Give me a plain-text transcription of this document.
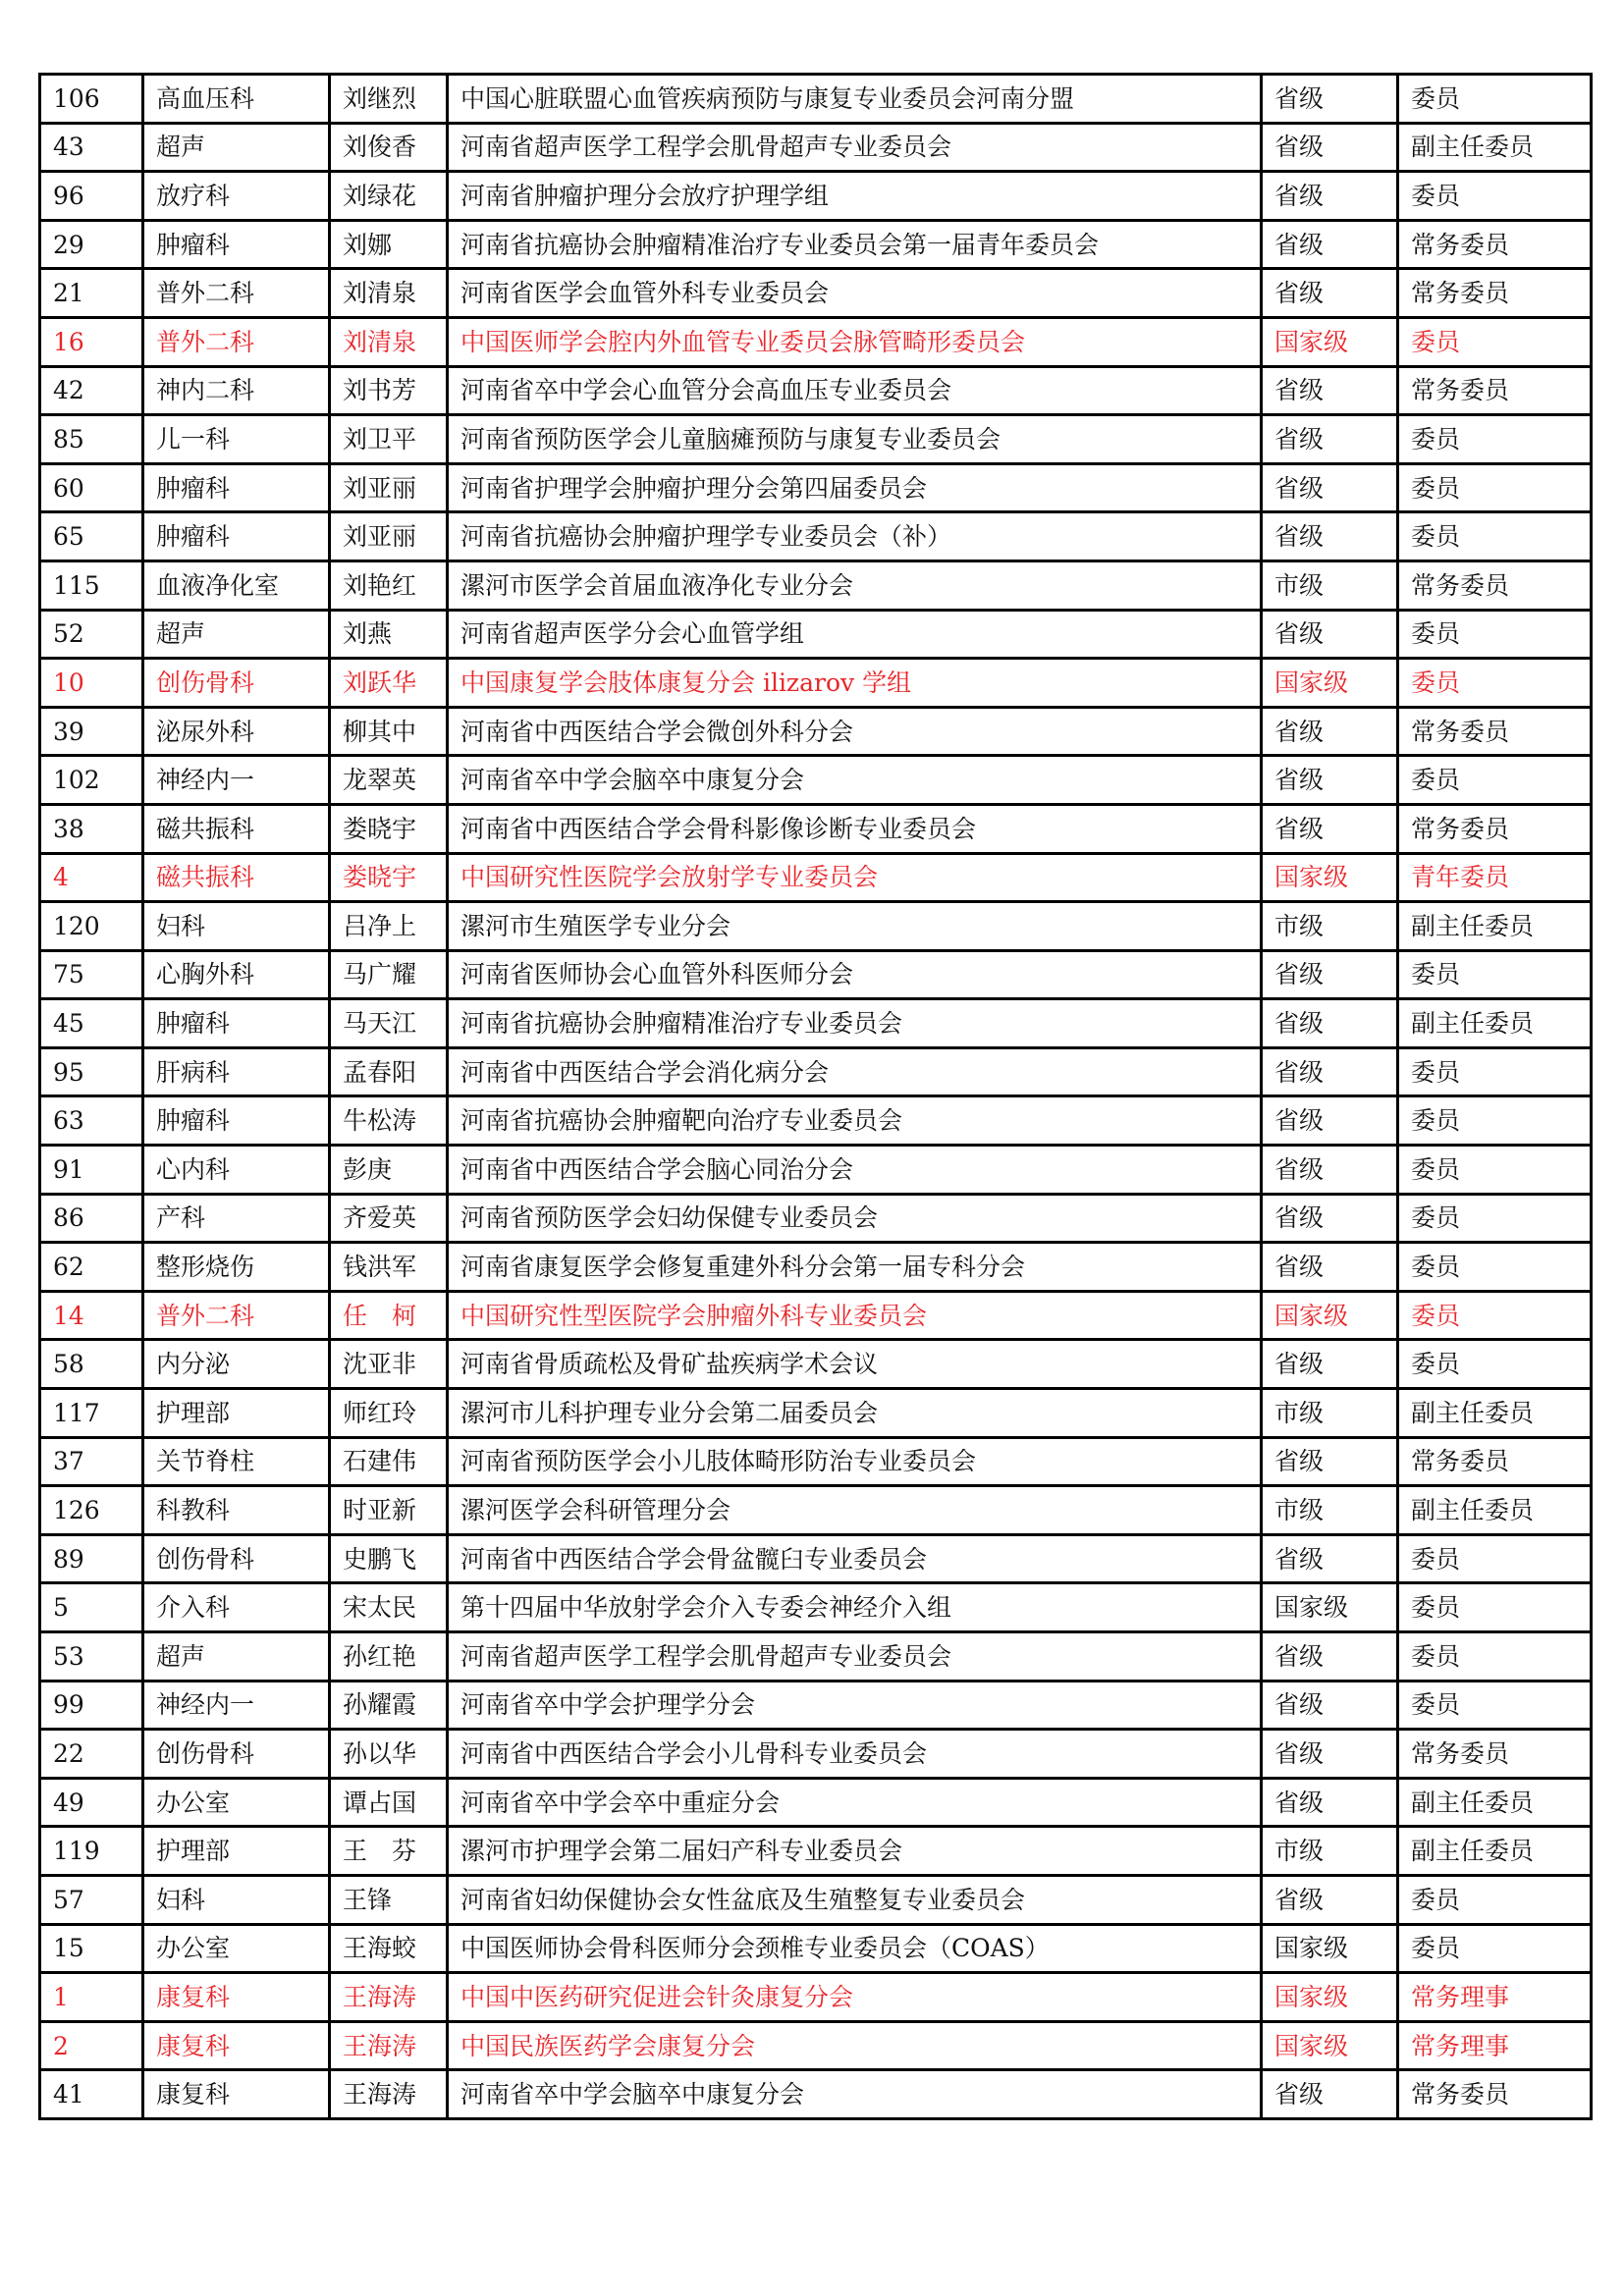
106	高血压科	刘继烈	中国心脏联盟心血管疾病预防与康复专业委员会河南分盟	省级	委员
43	超声	刘俊香	河南省超声医学工程学会肌骨超声专业委员会	省级	副主任委员
96	放疗科	刘绿花	河南省肿瘤护理分会放疗护理学组	省级	委员
29	肿瘤科	刘娜	河南省抗癌协会肿瘤精准治疗专业委员会第一届青年委员会	省级	常务委员
21	普外二科	刘清泉	河南省医学会血管外科专业委员会	省级	常务委员
16	普外二科	刘清泉	中国医师学会腔内外血管专业委员会脉管畸形委员会	国家级	委员
42	神内二科	刘书芳	河南省卒中学会心血管分会高血压专业委员会	省级	常务委员
85	儿一科	刘卫平	河南省预防医学会儿童脑瘫预防与康复专业委员会	省级	委员
60	肿瘤科	刘亚丽	河南省护理学会肿瘤护理分会第四届委员会	省级	委员
65	肿瘤科	刘亚丽	河南省抗癌协会肿瘤护理学专业委员会（补）	省级	委员
115	血液净化室	刘艳红	漯河市医学会首届血液净化专业分会	市级	常务委员
52	超声	刘燕	河南省超声医学分会心血管学组	省级	委员
10	创伤骨科	刘跃华	中国康复学会肢体康复分会 ilizarov 学组	国家级	委员
39	泌尿外科	柳其中	河南省中西医结合学会微创外科分会	省级	常务委员
102	神经内一	龙翠英	河南省卒中学会脑卒中康复分会	省级	委员
38	磁共振科	娄晓宇	河南省中西医结合学会骨科影像诊断专业委员会	省级	常务委员
4	磁共振科	娄晓宇	中国研究性医院学会放射学专业委员会	国家级	青年委员
120	妇科	吕净上	漯河市生殖医学专业分会	市级	副主任委员
75	心胸外科	马广耀	河南省医师协会心血管外科医师分会	省级	委员
45	肿瘤科	马天江	河南省抗癌协会肿瘤精准治疗专业委员会	省级	副主任委员
95	肝病科	孟春阳	河南省中西医结合学会消化病分会	省级	委员
63	肿瘤科	牛松涛	河南省抗癌协会肿瘤靶向治疗专业委员会	省级	委员
91	心内科	彭庚	河南省中西医结合学会脑心同治分会	省级	委员
86	产科	齐爱英	河南省预防医学会妇幼保健专业委员会	省级	委员
62	整形烧伤	钱洪军	河南省康复医学会修复重建外科分会第一届专科分会	省级	委员
14	普外二科	任　柯	中国研究性型医院学会肿瘤外科专业委员会	国家级	委员
58	内分泌	沈亚非	河南省骨质疏松及骨矿盐疾病学术会议	省级	委员
117	护理部	师红玲	漯河市儿科护理专业分会第二届委员会	市级	副主任委员
37	关节脊柱	石建伟	河南省预防医学会小儿肢体畸形防治专业委员会	省级	常务委员
126	科教科	时亚新	漯河医学会科研管理分会	市级	副主任委员
89	创伤骨科	史鹏飞	河南省中西医结合学会骨盆髋臼专业委员会	省级	委员
5	介入科	宋太民	第十四届中华放射学会介入专委会神经介入组	国家级	委员
53	超声	孙红艳	河南省超声医学工程学会肌骨超声专业委员会	省级	委员
99	神经内一	孙耀霞	河南省卒中学会护理学分会	省级	委员
22	创伤骨科	孙以华	河南省中西医结合学会小儿骨科专业委员会	省级	常务委员
49	办公室	谭占国	河南省卒中学会卒中重症分会	省级	副主任委员
119	护理部	王　芬	漯河市护理学会第二届妇产科专业委员会	市级	副主任委员
57	妇科	王锋	河南省妇幼保健协会女性盆底及生殖整复专业委员会	省级	委员
15	办公室	王海蛟	中国医师协会骨科医师分会颈椎专业委员会（COAS）	国家级	委员
1	康复科	王海涛	中国中医药研究促进会针灸康复分会	国家级	常务理事
2	康复科	王海涛	中国民族医药学会康复分会	国家级	常务理事
41	康复科	王海涛	河南省卒中学会脑卒中康复分会	省级	常务委员
